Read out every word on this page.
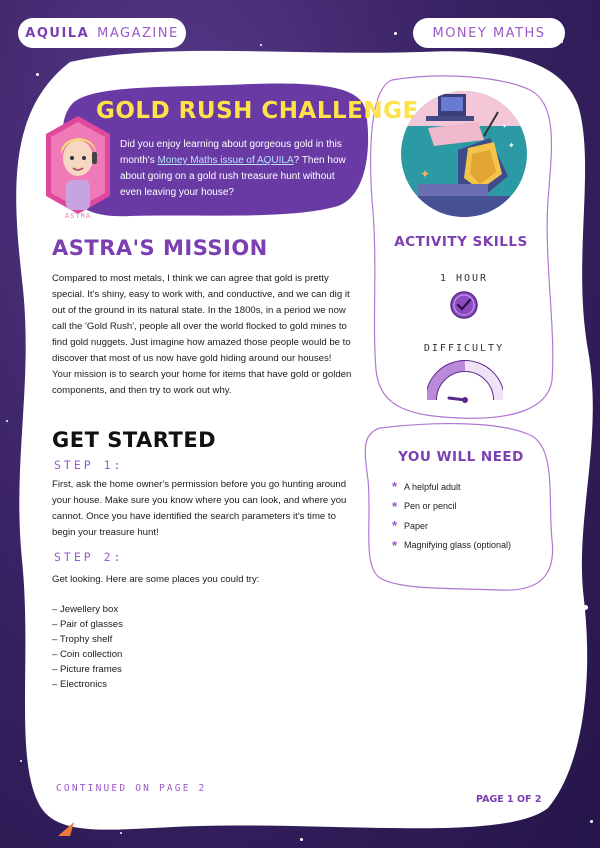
AQUILA MAGAZINE	MONEY MATHS
ASTRA
GOLD RUSH CHALLENGE
Did you enjoy learning about gorgeous gold in this month's Money Maths issue of AQUILA? Then how about going on a gold rush treasure hunt without even leaving your house?
✦
✦
✦
ASTRA'S MISSION
Compared to most metals, I think we can agree that gold is pretty special. It's shiny, easy to work with, and conductive, and we can dig it out of the ground in its natural state. In the 1800s, in a period we now call the 'Gold Rush', people all over the world flocked to gold mines to find gold nuggets. Just imagine how amazed those people would be to discover that most of us now have gold hiding around our houses! Your mission is to search your home for items that have gold or golden components, and then try to work out why.
GET STARTED
STEP 1:
First, ask the home owner's permission before you go hunting around your house. Make sure you know where you can look, and where you cannot. Once you have identified the search parameters it's time to begin your treasure hunt!
STEP 2:
Get looking. Here are some places you could try:
– Jewellery box
– Pair of glasses
– Trophy shelf
– Coin collection
– Picture frames
– Electronics
ACTIVITY SKILLS
1 HOUR
DIFFICULTY
YOU WILL NEED
* A helpful adult
* Pen or pencil
* Paper
* Magnifying glass (optional)
CONTINUED ON PAGE 2
PAGE 1 OF 2
